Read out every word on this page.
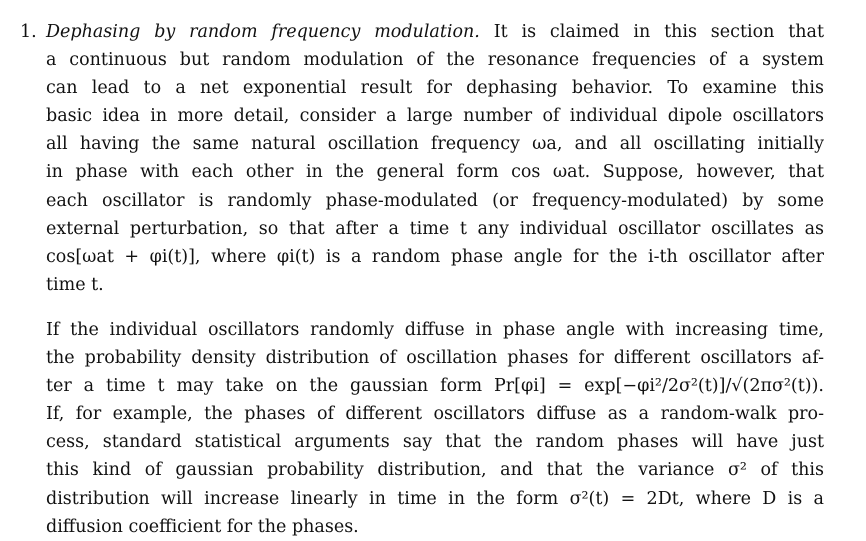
1. Dephasing by random frequency modulation. It is claimed in this section that
a continuous but random modulation of the resonance frequencies of a system
can lead to a net exponential result for dephasing behavior. To examine this
basic idea in more detail, consider a large number of individual dipole oscillators
all having the same natural oscillation frequency ωa, and all oscillating initially
in phase with each other in the general form cos ωat. Suppose, however, that
each oscillator is randomly phase-modulated (or frequency-modulated) by some
external perturbation, so that after a time t any individual oscillator oscillates as
cos[ωat + φi(t)], where φi(t) is a random phase angle for the i-th oscillator after
time t.
If the individual oscillators randomly diffuse in phase angle with increasing time,
the probability density distribution of oscillation phases for different oscillators af-
ter a time t may take on the gaussian form Pr[φi] = exp[−φi²/2σ²(t)]/√(2πσ²(t)).
If, for example, the phases of different oscillators diffuse as a random-walk pro-
cess, standard statistical arguments say that the random phases will have just
this kind of gaussian probability distribution, and that the variance σ² of this
distribution will increase linearly in time in the form σ²(t) = 2Dt, where D is a
diffusion coefficient for the phases.
